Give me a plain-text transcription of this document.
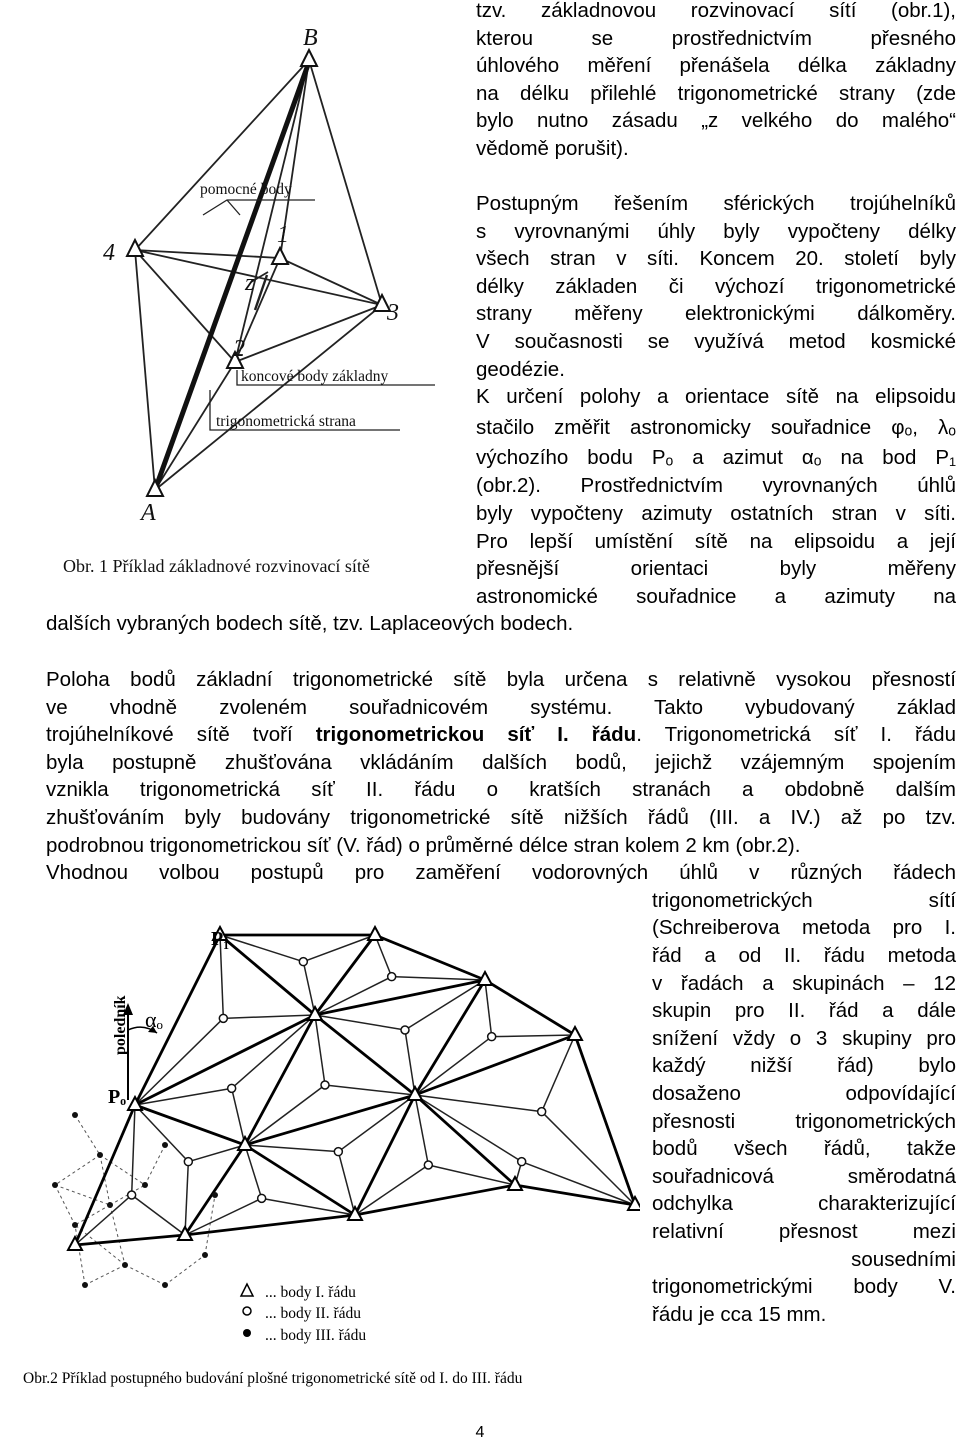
B
4
1
z
3
2
A
pomocné body
koncové body základny
trigonometrická strana
Obr. 1 Příklad základnové rozvinovací sítě
tzv. základnovou rozvinovací sítí (obr.1),
kterou se prostřednictvím přesného
úhlového měření přenášela délka základny
na délku přilehlé trigonometrické strany (zde
bylo nutno zásadu „z velkého do malého“
vědomě porušit).
Postupným řešením sférických trojúhelníků
s vyrovnanými úhly byly vypočteny délky
všech stran v síti. Koncem 20. století byly
délky základen či výchozí trigonometrické
strany měřeny elektronickými dálkoměry.
V současnosti se využívá metod kosmické
geodézie.
K určení polohy a orientace sítě na elipsoidu
stačilo změřit astronomicky souřadnice φₒ, λₒ
výchozího bodu Pₒ a azimut αₒ na bod P₁
(obr.2). Prostřednictvím vyrovnaných úhlů
byly vypočteny azimuty ostatních stran v síti.
Pro lepší umístění sítě na elipsoidu a její
přesnější orientaci byly měřeny
astronomické souřadnice a azimuty na
dalších vybraných bodech sítě, tzv. Laplaceových bodech.
Poloha bodů základní trigonometrické sítě byla určena s relativně vysokou přesností
ve vhodně zvoleném souřadnicovém systému. Takto vybudovaný základ
trojúhelníkové sítě tvoří trigonometrickou síť I. řádu. Trigonometrická síť I. řádu
byla postupně zhušťována vkládáním dalších bodů, jejichž vzájemným spojením
vznikla trigonometrická síť II. řádu o kratších stranách a obdobně dalším
zhušťováním byly budovány trigonometrické sítě nižších řádů (III. a IV.) až po tzv.
podrobnou trigonometrickou síť (V. řád) o průměrné délce stran kolem 2 km (obr.2).
Vhodnou volbou postupů pro zaměření vodorovných úhlů v různých řádech
trigonometrických sítí
(Schreiberova metoda pro I.
řád a od II. řádu metoda
v řadách a skupinách – 12
skupin pro II. řád a dále
snížení vždy o 3 skupiny pro
každý nižší řád) bylo
dosaženo odpovídající
přesnosti trigonometrických
bodů všech řádů, takže
souřadnicová směrodatná
odchylka charakterizující
relativní přesnost mezi
sousedními
trigonometrickými body V.
řádu je cca 15 mm.
poledník αₒ
Pₒ
P₁
... body I. řádu
... body II. řádu
... body III. řádu
Obr.2 Příklad postupného budování plošné trigonometrické sítě od I. do III. řádu
4
